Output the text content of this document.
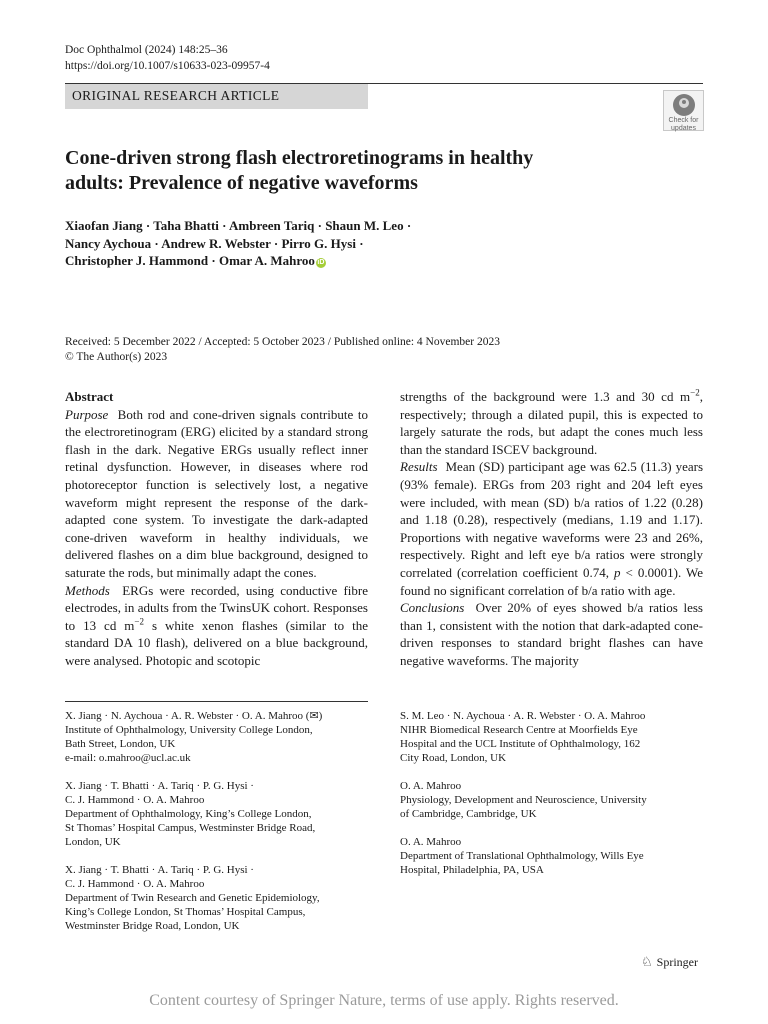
Doc Ophthalmol (2024) 148:25–36
https://doi.org/10.1007/s10633-023-09957-4
ORIGINAL RESEARCH ARTICLE
Check for
updates
Cone-driven strong flash electroretinograms in healthy
adults: Prevalence of negative waveforms
Xiaofan Jiang · Taha Bhatti · Ambreen Tariq · Shaun M. Leo ·
Nancy Aychoua · Andrew R. Webster · Pirro G. Hysi ·
Christopher J. Hammond · Omar A. Mahroo iD
Received: 5 December 2022 / Accepted: 5 October 2023 / Published online: 4 November 2023
© The Author(s) 2023

Abstract

Purpose Both rod and cone-driven signals contribute to the electroretinogram (ERG) elicited by a standard strong flash in the dark. Negative ERGs usually reflect inner retinal dysfunction. However, in diseases where rod photoreceptor function is selectively lost, a negative waveform might represent the response of the dark-adapted cone system. To investigate the dark-adapted cone-driven waveform in healthy individuals, we delivered flashes on a dim blue background, designed to saturate the rods, but minimally adapt the cones.

Methods ERGs were recorded, using conductive fibre electrodes, in adults from the TwinsUK cohort. Responses to 13 cd $m^{-2}$ s white xenon flashes (similar to the standard DA 10 flash), delivered on a blue background, were analysed. Photopic and scotopic

strengths of the background were 1.3 and 30 cd $m^{-2}$, respectively; through a dilated pupil, this is expected to largely saturate the rods, but adapt the cones much less than the standard ISCEV background.

Results Mean (SD) participant age was 62.5 (11.3) years (93% female). ERGs from 203 right and 204 left eyes were included, with mean (SD) b/a ratios of 1.22 (0.28) and 1.18 (0.28), respectively (medians, 1.19 and 1.17). Proportions with negative waveforms were 23 and 26%, respectively. Right and left eye b/a ratios were strongly correlated (correlation coefficient 0.74, p < 0.0001). We found no significant correlation of b/a ratio with age.

Conclusions Over 20% of eyes showed b/a ratios less than 1, consistent with the notion that dark-adapted cone-driven responses to standard bright flashes can have negative waveforms. The majority

X. Jiang · N. Aychoua · A. R. Webster · O. A. Mahroo (✉)
Institute of Ophthalmology, University College London,
Bath Street, London, UK
e-mail: o.mahroo@ucl.ac.uk
X. Jiang · T. Bhatti · A. Tariq · P. G. Hysi ·
C. J. Hammond · O. A. Mahroo
Department of Ophthalmology, King’s College London,
St Thomas’ Hospital Campus, Westminster Bridge Road,
London, UK
X. Jiang · T. Bhatti · A. Tariq · P. G. Hysi ·
C. J. Hammond · O. A. Mahroo
Department of Twin Research and Genetic Epidemiology,
King’s College London, St Thomas’ Hospital Campus,
Westminster Bridge Road, London, UK
S. M. Leo · N. Aychoua · A. R. Webster · O. A. Mahroo
NIHR Biomedical Research Centre at Moorfields Eye
Hospital and the UCL Institute of Ophthalmology, 162
City Road, London, UK
O. A. Mahroo
Physiology, Development and Neuroscience, University
of Cambridge, Cambridge, UK
O. A. Mahroo
Department of Translational Ophthalmology, Wills Eye
Hospital, Philadelphia, PA, USA
♘ Springer
Content courtesy of Springer Nature, terms of use apply. Rights reserved.
